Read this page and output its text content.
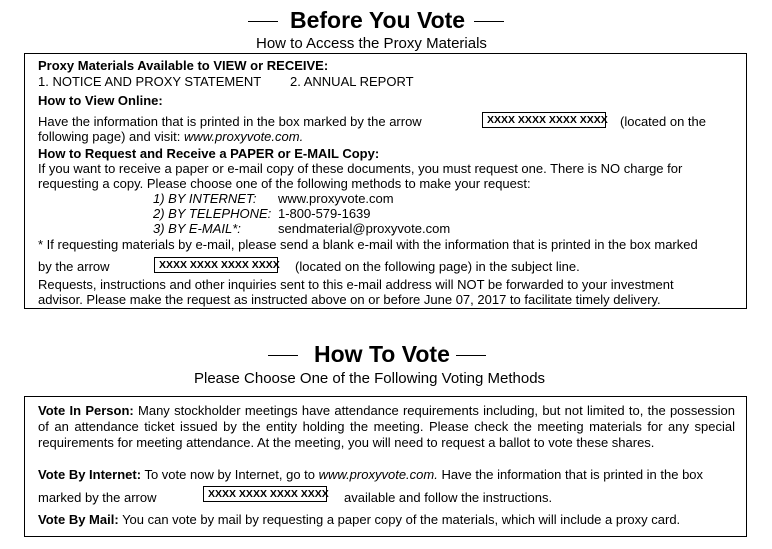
Before You Vote
How to Access the Proxy Materials
Proxy Materials Available to VIEW or RECEIVE:
1. NOTICE AND PROXY STATEMENT 2. ANNUAL REPORT
How to View Online:
Have the information that is printed in the box marked by the arrow	XXXX XXXX XXXX XXXX (located on the
following page) and visit: www.proxyvote.com.
How to Request and Receive a PAPER or E-MAIL Copy:
If you want to receive a paper or e-mail copy of these documents, you must request one. There is NO charge for
requesting a copy. Please choose one of the following methods to make your request:
1) BY INTERNET: www.proxyvote.com
2) BY TELEPHONE: 1-800-579-1639
3) BY E-MAIL*:	sendmaterial@proxyvote.com
* If requesting materials by e-mail, please send a blank e-mail with the information that is printed in the box marked
by the arrow	XXXX XXXX XXXX XXXX (located on the following page) in the subject line.
Requests, instructions and other inquiries sent to this e-mail address will NOT be forwarded to your investment
advisor. Please make the request as instructed above on or before June 07, 2017 to facilitate timely delivery.
How To Vote
Please Choose One of the Following Voting Methods
Vote In Person: Many stockholder meetings have attendance requirements including, but not limited to, the possession of an attendance ticket issued by the entity holding the meeting. Please check the meeting materials for any special requirements for meeting attendance. At the meeting, you will need to request a ballot to vote these shares.
Vote By Internet: To vote now by Internet, go to www.proxyvote.com. Have the information that is printed in the box
marked by the arrow	XXXX XXXX XXXX XXXX available and follow the instructions.
Vote By Mail: You can vote by mail by requesting a paper copy of the materials, which will include a proxy card.
